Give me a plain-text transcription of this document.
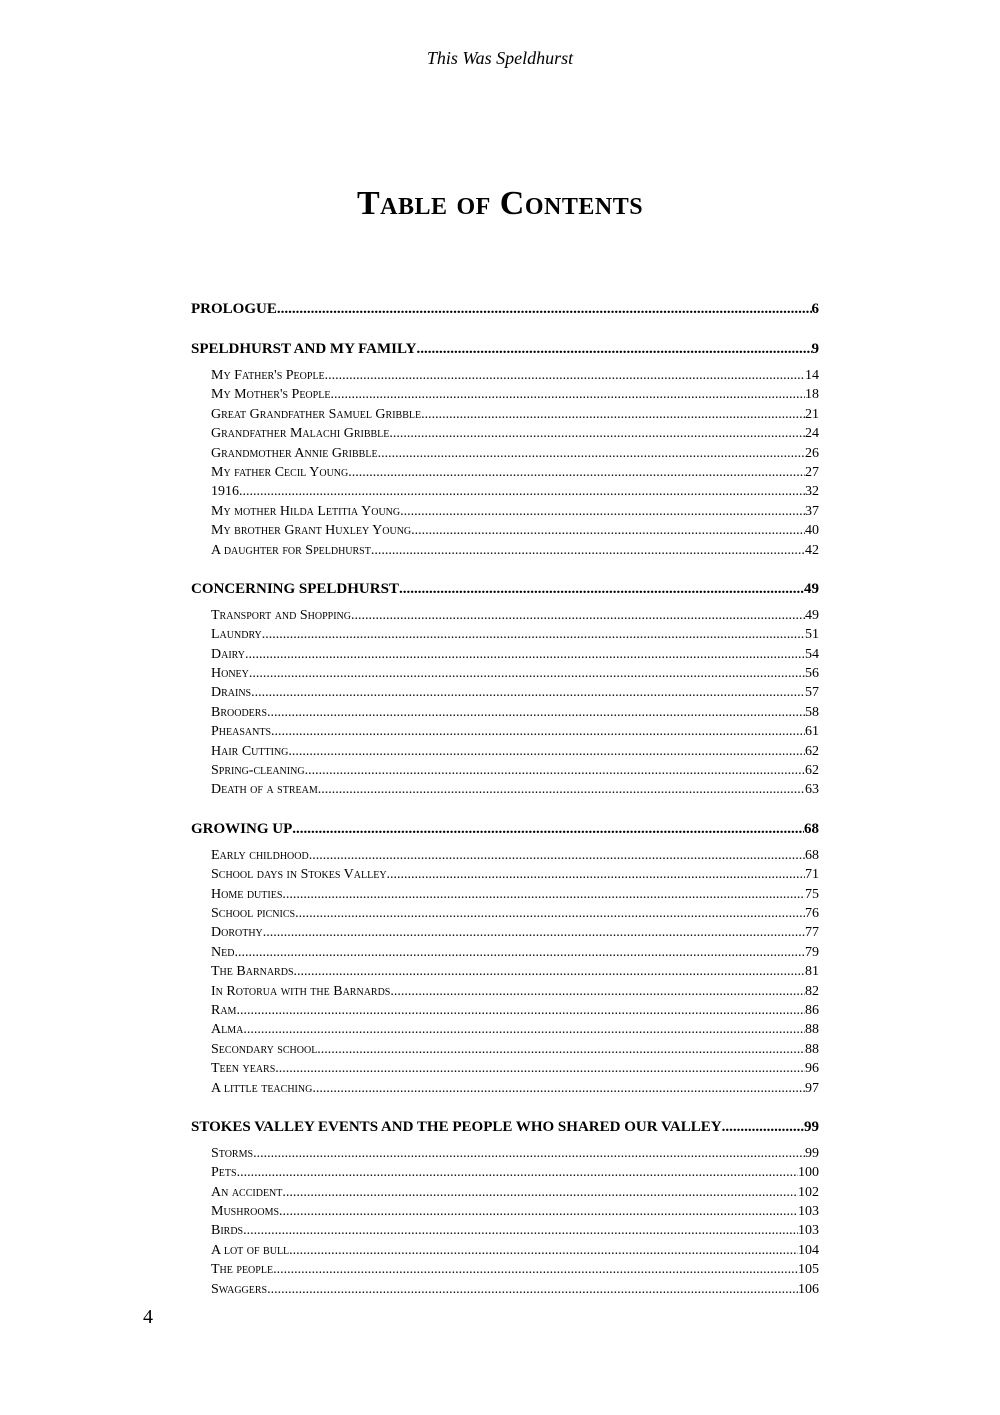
This Was Speldhurst
Table of Contents
PROLOGUE .....	6
SPELDHURST AND MY FAMILY .....	9
My Father's People .....	14
My Mother's People .....	18
Great Grandfather Samuel Gribble .....	21
Grandfather Malachi Gribble .....	24
Grandmother Annie Gribble .....	26
My father Cecil Young .....	27
1916 .....	32
My mother Hilda Letitia Young .....	37
My brother Grant Huxley Young .....	40
A daughter for Speldhurst .....	42
CONCERNING SPELDHURST .....	49
Transport and Shopping .....	49
Laundry .....	51
Dairy .....	54
Honey .....	56
Drains .....	57
Brooders .....	58
Pheasants .....	61
Hair Cutting .....	62
Spring-cleaning .....	62
Death of a stream .....	63
GROWING UP .....	68
Early childhood .....	68
School days in Stokes Valley .....	71
Home duties .....	75
School picnics .....	76
Dorothy .....	77
Ned .....	79
The Barnards .....	81
In Rotorua with the Barnards .....	82
Ram .....	86
Alma .....	88
Secondary school .....	88
Teen years .....	96
A little teaching .....	97
STOKES VALLEY EVENTS AND THE PEOPLE WHO SHARED OUR VALLEY .....	99
Storms .....	99
Pets .....	100
An accident .....	102
Mushrooms .....	103
Birds .....	103
A lot of bull .....	104
The people .....	105
Swaggers .....	106
4
